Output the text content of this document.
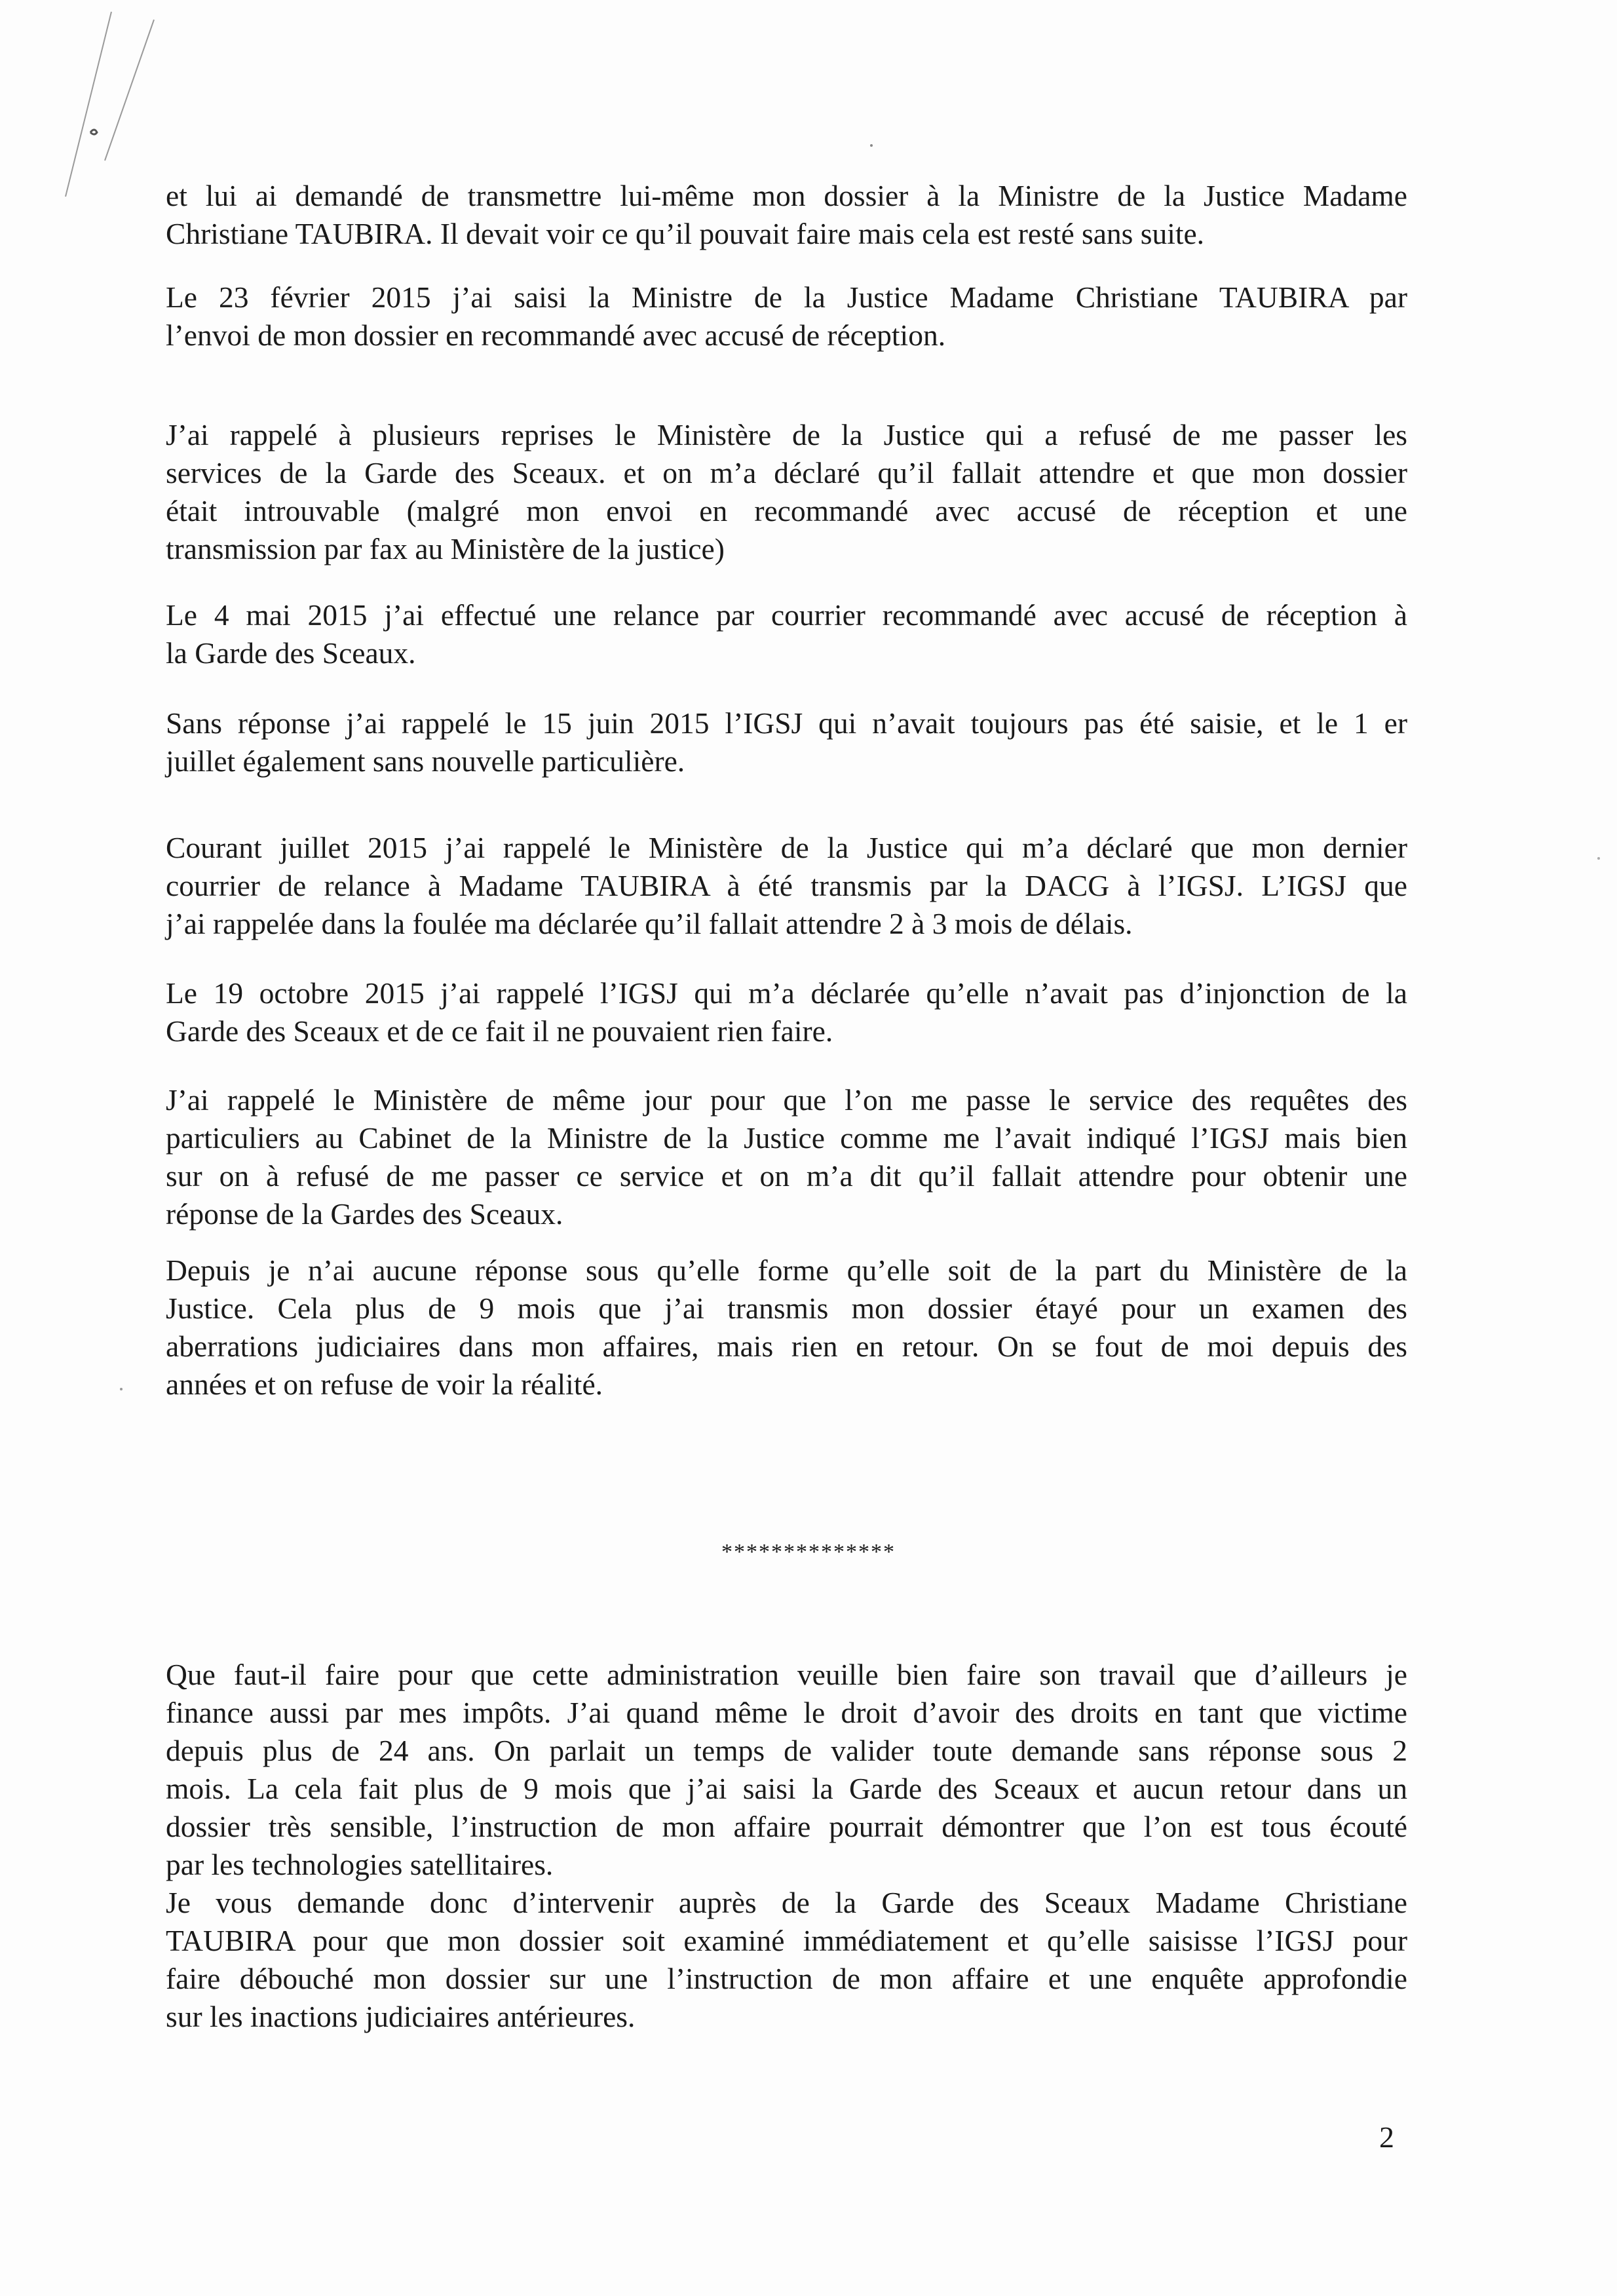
et lui ai demandé de transmettre lui-même mon dossier à la Ministre de la Justice Madame
Christiane TAUBIRA. Il devait voir ce qu’il pouvait faire mais cela est resté sans suite.
Le 23 février 2015 j’ai saisi la Ministre de la Justice Madame Christiane TAUBIRA par
l’envoi de mon dossier en recommandé avec accusé de réception.
J’ai rappelé à plusieurs reprises le Ministère de la Justice qui a refusé de me passer les
services de la Garde des Sceaux. et on m’a déclaré qu’il fallait attendre et que mon dossier
était introuvable (malgré mon envoi en recommandé avec accusé de réception et une
transmission par fax au Ministère de la justice)
Le 4 mai 2015 j’ai effectué une relance par courrier recommandé avec accusé de réception à
la Garde des Sceaux.
Sans réponse j’ai rappelé le 15 juin 2015 l’IGSJ qui n’avait toujours pas été saisie, et le 1 er
juillet également sans nouvelle particulière.
Courant juillet 2015 j’ai rappelé le Ministère de la Justice qui m’a déclaré que mon dernier
courrier de relance à Madame TAUBIRA à été transmis par la DACG à l’IGSJ. L’IGSJ que
j’ai rappelée dans la foulée ma déclarée qu’il fallait attendre 2 à 3 mois de délais.
Le 19 octobre 2015 j’ai rappelé l’IGSJ qui m’a déclarée qu’elle n’avait pas d’injonction de la
Garde des Sceaux et de ce fait il ne pouvaient rien faire.
J’ai rappelé le Ministère de même jour pour que l’on me passe le service des requêtes des
particuliers au Cabinet de la Ministre de la Justice comme me l’avait indiqué l’IGSJ mais bien
sur on à refusé de me passer ce service et on m’a dit qu’il fallait attendre pour obtenir une
réponse de la Gardes des Sceaux.
Depuis je n’ai aucune réponse sous qu’elle forme qu’elle soit de la part du Ministère de la
Justice. Cela plus de 9 mois que j’ai transmis mon dossier étayé pour un examen des
aberrations judiciaires dans mon affaires, mais rien en retour. On se fout de moi depuis des
années et on refuse de voir la réalité.
**************
Que faut-il faire pour que cette administration veuille bien faire son travail que d’ailleurs je
finance aussi par mes impôts. J’ai quand même le droit d’avoir des droits en tant que victime
depuis plus de 24 ans. On parlait un temps de valider toute demande sans réponse sous 2
mois. La cela fait plus de 9 mois que j’ai saisi la Garde des Sceaux et aucun retour dans un
dossier très sensible, l’instruction de mon affaire pourrait démontrer que l’on est tous écouté
par les technologies satellitaires.
Je vous demande donc d’intervenir auprès de la Garde des Sceaux Madame Christiane
TAUBIRA pour que mon dossier soit examiné immédiatement et qu’elle saisisse l’IGSJ pour
faire débouché mon dossier sur une l’instruction de mon affaire et une enquête approfondie
sur les inactions judiciaires antérieures.
2
